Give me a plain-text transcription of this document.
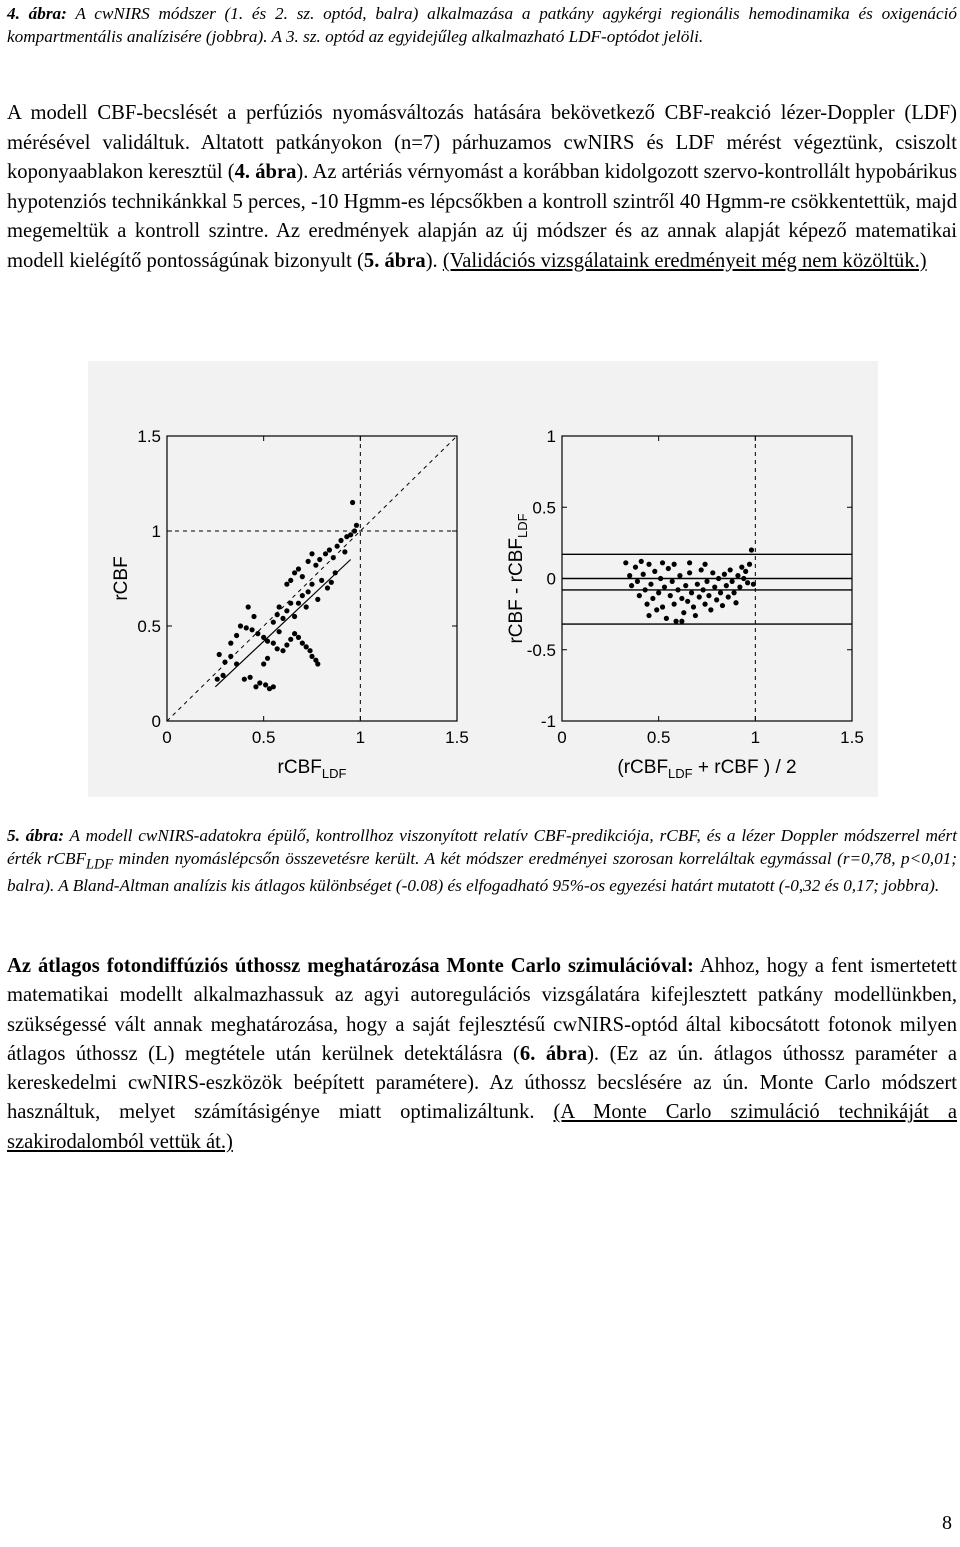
4. ábra: A cwNIRS módszer (1. és 2. sz. optód, balra) alkalmazása a patkány agykérgi regionális hemodinamika és oxigenáció kompartmentális analízisére (jobbra). A 3. sz. optód az egyidejűleg alkalmazható LDF-optódot jelöli.
A modell CBF-becslését a perfúziós nyomásváltozás hatására bekövetkező CBF-reakció lézer-Doppler (LDF) mérésével validáltuk. Altatott patkányokon (n=7) párhuzamos cwNIRS és LDF mérést végeztünk, csiszolt koponyaablakon keresztül (4. ábra). Az artériás vérnyomást a korábban kidolgozott szervo-kontrollált hypobárikus hypotenziós technikánkkal 5 perces, -10 Hgmm-es lépcsőkben a kontroll szintről 40 Hgmm-re csökkentettük, majd megemeltük a kontroll szintre. Az eredmények alapján az új módszer és az annak alapját képező matematikai modell kielégítő pontosságúnak bizonyult (5. ábra). (Validációs vizsgálataink eredményeit még nem közöltük.)
0	0.5	1	1.5
0
0.5
1
1.5
rCBF$_{LDF}$
rCBF
0	0.5	1	1.5
-1
-0.5
0
0.5
1
(rCBF$_{LDF}$ + rCBF ) / 2
rCBF - rCBF$_{LDF}$
5. ábra: A modell cwNIRS-adatokra épülő, kontrollhoz viszonyított relatív CBF-predikciója, rCBF, és a lézer Doppler módszerrel mért érték rCBF$_{LDF}$ minden nyomáslépcsőn összevetésre került. A két módszer eredményei szorosan korreláltak egymással (r=0,78, p<0,01; balra). A Bland-Altman analízis kis átlagos különbséget (-0.08) és elfogadható 95%-os egyezési határt mutatott (-0,32 és 0,17; jobbra).
Az átlagos fotondiffúziós úthossz meghatározása Monte Carlo szimulációval: Ahhoz, hogy a fent ismertetett matematikai modellt alkalmazhassuk az agyi autoregulációs vizsgálatára kifejlesztett patkány modellünkben, szükségessé vált annak meghatározása, hogy a saját fejlesztésű cwNIRS-optód által kibocsátott fotonok milyen átlagos úthossz (L) megtétele után kerülnek detektálásra (6. ábra). (Ez az ún. átlagos úthossz paraméter a kereskedelmi cwNIRS-eszközök beépített paramétere). Az úthossz becslésére az ún. Monte Carlo módszert használtuk, melyet számításigénye miatt optimalizáltunk. (A Monte Carlo szimuláció technikáját a szakirodalomból vettük át.)
8
